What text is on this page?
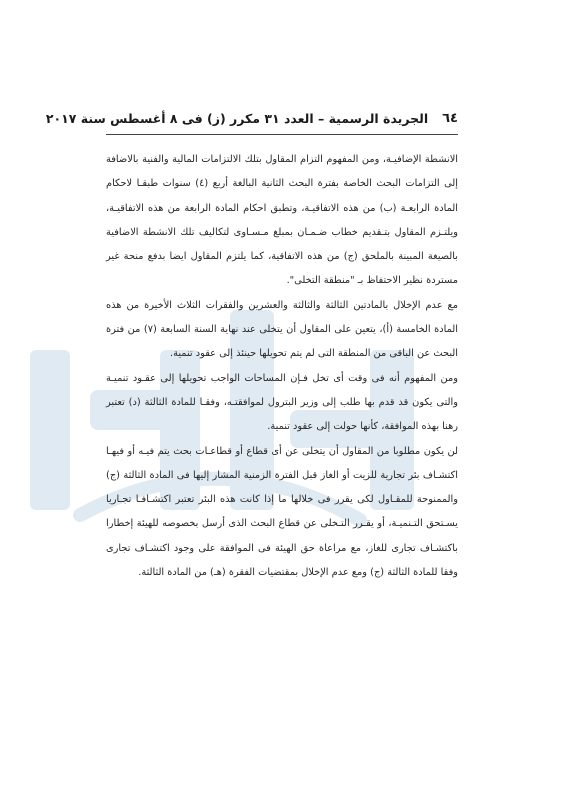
٦٤
الجريدة الرسمية – العدد ٣١ مكرر (ز) فى ٨ أغسطس سنة ٢٠١٧

الانشطة الإضافيـة، ومن المفهوم التزام المقاول بتلك الالتزامات المالية والفنية بالاضافة إلى التزامات البحث الخاصة بفترة البحث الثانية البالغة أربع (٤) سنوات طبقـا لاحكام المادة الرابعـة (ب) من هذه الاتفاقيـة، وتطبق احكام المادة الرابعة من هذه الاتفاقيـة، ويلتـزم المقاول بتـقديم خطاب ضـمـان بمبلغ مـسـاوى لتكاليف تلك الانشطة الاضافية بالصيغة المبينة بالملحق (ج) من هذه الاتفاقية، كما يلتزم المقاول ايضا بدفع منحة غير مستردة نظير الاحتفاظ بـ "منطقة التخلى".

مع عدم الإخلال بالمادتين الثالثة والثالثة والعشرين والفقرات الثلاث الأخيرة من هذه المادة الخامسة (أ)، يتعين على المقاول أن يتخلى عند نهاية السنة السابعة (٧) من فترة البحث عن الباقى من المنطقة التى لم يتم تحويلها حينئذ إلى عقود تنمية.

ومن المفهوم أنه فى وقت أى تخل فـإن المساحات الواجب تحويلها إلى عقـود تنميـة والتى يكون قد قدم بها طلب إلى وزير البترول لموافقتـه، وفقـا للمادة الثالثة (د) تعتبر رهنا بهذه الموافقة، كأنها حولت إلى عقود تنمية.

لن يكون مطلوبا من المقاول أن يتخلى عن أى قطاع أو قطاعـات بحث يتم فيـه أو فيهـا اكتشـاف بئر تجارية للزيت أو الغاز قبل الفترة الزمنية المشار إليها فى المادة الثالثة (ج) والممنوحة للمقـاول لكى يقرر فى خلالها ما إذا كانت هذه البئر تعتبر اكتشـافـا تجـاريا يسـتحق التـنميـة، أو يقـرر التـخلى عن قطاع البحث الذى أرسل بخصوصه للهيئة إخطارا باكتشـاف تجارى للغاز، مع مراعاة حق الهيئة فى الموافقة على وجود اكتشـاف تجارى وفقا للمادة الثالثة (ج) ومع عدم الإخلال بمقتضيات الفقرة (هـ) من المادة الثالثة.
